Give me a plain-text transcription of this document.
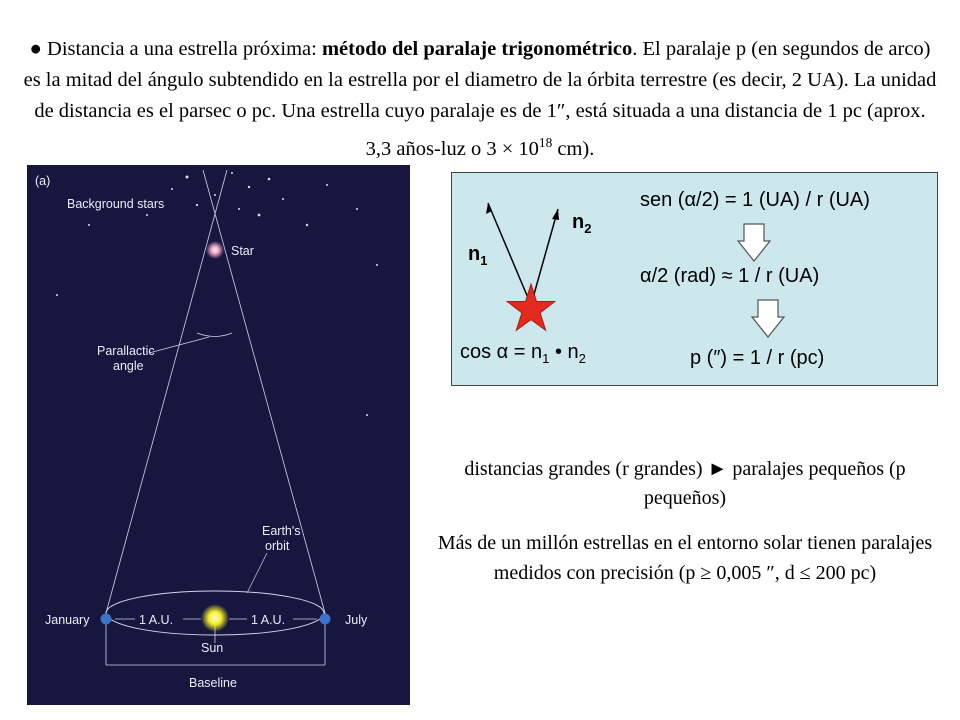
● Distancia a una estrella próxima: método del paralaje trigonométrico. El paralaje p (en segundos de arco) es la mitad del ángulo subtendido en la estrella por el diametro de la órbita terrestre (es decir, 2 UA). La unidad de distancia es el parsec o pc. Una estrella cuyo paralaje es de 1″, está situada a una distancia de 1 pc (aprox. 3,3 años-luz o $3 \times 10^{18}$ cm).
(a)
Background stars
Star
Parallactic
angle
Earth's
orbit
Sun
January	July
1 A.U.	1 A.U.
Baseline
$n_2$
$n_1$
$\cos \alpha = n_1$ • $n_2$
sen (α/2) = 1 (UA) / r (UA)
α/2 (rad) ≈ 1 / r (UA)
p (″) = 1 / r (pc)
distancias grandes (r grandes) ► paralajes pequeños (p pequeños)
Más de un millón estrellas en el entorno solar tienen paralajes medidos con precisión (p ≥ 0,005 ″, d ≤ 200 pc)
